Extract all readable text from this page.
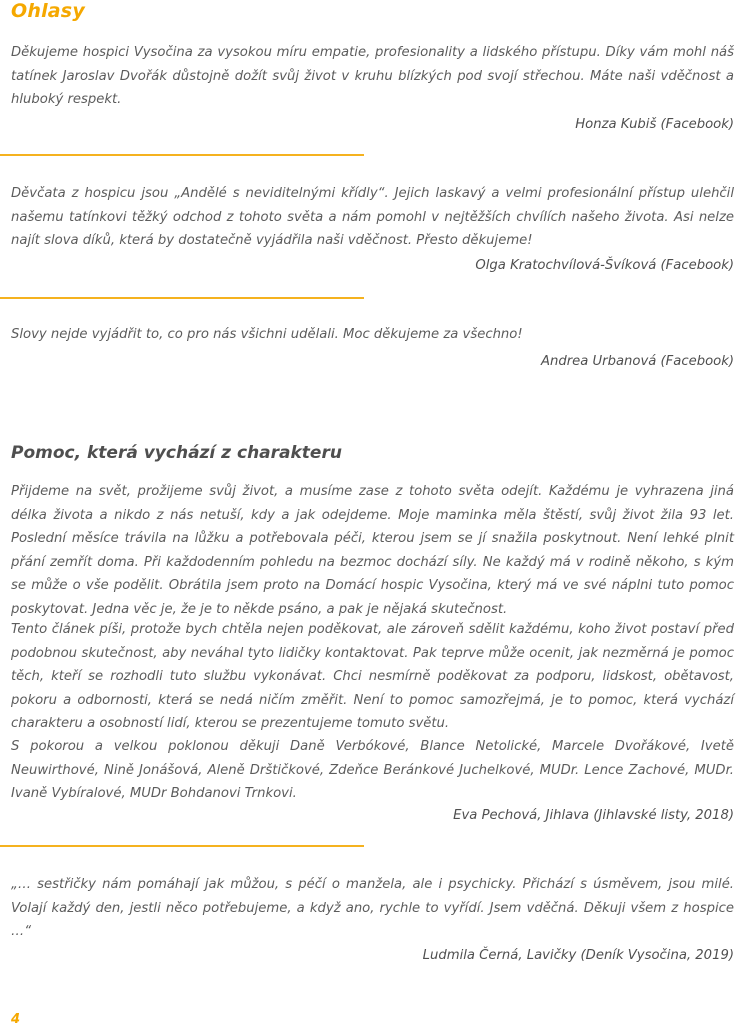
Ohlasy

Děkujeme hospici Vysočina za vysokou míru empatie, profesionality a lidského přístupu. Díky vám mohl náš tatínek Jaroslav Dvořák důstojně dožít svůj život v kruhu blízkých pod svojí střechou. Máte naši vděčnost a hluboký respekt.

Honza Kubiš (Facebook)

Děvčata z hospicu jsou „Andělé s neviditelnými křídly“. Jejich laskavý a velmi profesionální přístup ulehčil našemu tatínkovi těžký odchod z tohoto světa a nám pomohl v nejtěžších chvílích našeho života. Asi nelze najít slova díků, která by dostatečně vyjádřila naši vděčnost. Přesto děkujeme!

Olga Kratochvílová-Švíková (Facebook)

Slovy nejde vyjádřit to, co pro nás všichni udělali. Moc děkujeme za všechno!

Andrea Urbanová (Facebook)
Pomoc, která vychází z charakteru

Přijdeme na svět, prožijeme svůj život, a musíme zase z tohoto světa odejít. Každému je vyhrazena jiná délka života a nikdo z nás netuší, kdy a jak odejdeme. Moje maminka měla štěstí, svůj život žila 93 let. Poslední měsíce trávila na lůžku a potřebovala péči, kterou jsem se jí snažila poskytnout. Není lehké plnit přání zemřít doma. Při každodenním pohledu na bezmoc dochází síly. Ne každý má v rodině někoho, s kým se může o vše podělit. Obrátila jsem proto na Domácí hospic Vysočina, který má ve své náplni tuto pomoc poskytovat. Jedna věc je, že je to někde psáno, a pak je nějaká skutečnost.

Tento článek píši, protože bych chtěla nejen poděkovat, ale zároveň sdělit každému, koho život postaví před podobnou skutečnost, aby neváhal tyto lidičky kontaktovat. Pak teprve může ocenit, jak nezměrná je pomoc těch, kteří se rozhodli tuto službu vykonávat. Chci nesmírně poděkovat za podporu, lidskost, obětavost, pokoru a odbornosti, která se nedá ničím změřit. Není to pomoc samozřejmá, je to pomoc, která vychází charakteru a osobností lidí, kterou se prezentujeme tomuto světu.

S pokorou a velkou poklonou děkuji Daně Verbókové, Blance Netolické, Marcele Dvořákové, Ivetě Neuwirthové, Nině Jonášová, Aleně Drštičkové, Zdeňce Beránkové Juchelkové, MUDr. Lence Zachové, MUDr. Ivaně Vybíralové, MUDr Bohdanovi Trnkovi.

Eva Pechová, Jihlava (Jihlavské listy, 2018)

„… sestřičky nám pomáhají jak můžou, s péčí o manžela, ale i psychicky. Přichází s úsměvem, jsou milé. Volají každý den, jestli něco potřebujeme, a když ano, rychle to vyřídí. Jsem vděčná. Děkuji všem z hospice …“

Ludmila Černá, Lavičky (Deník Vysočina, 2019)
4
